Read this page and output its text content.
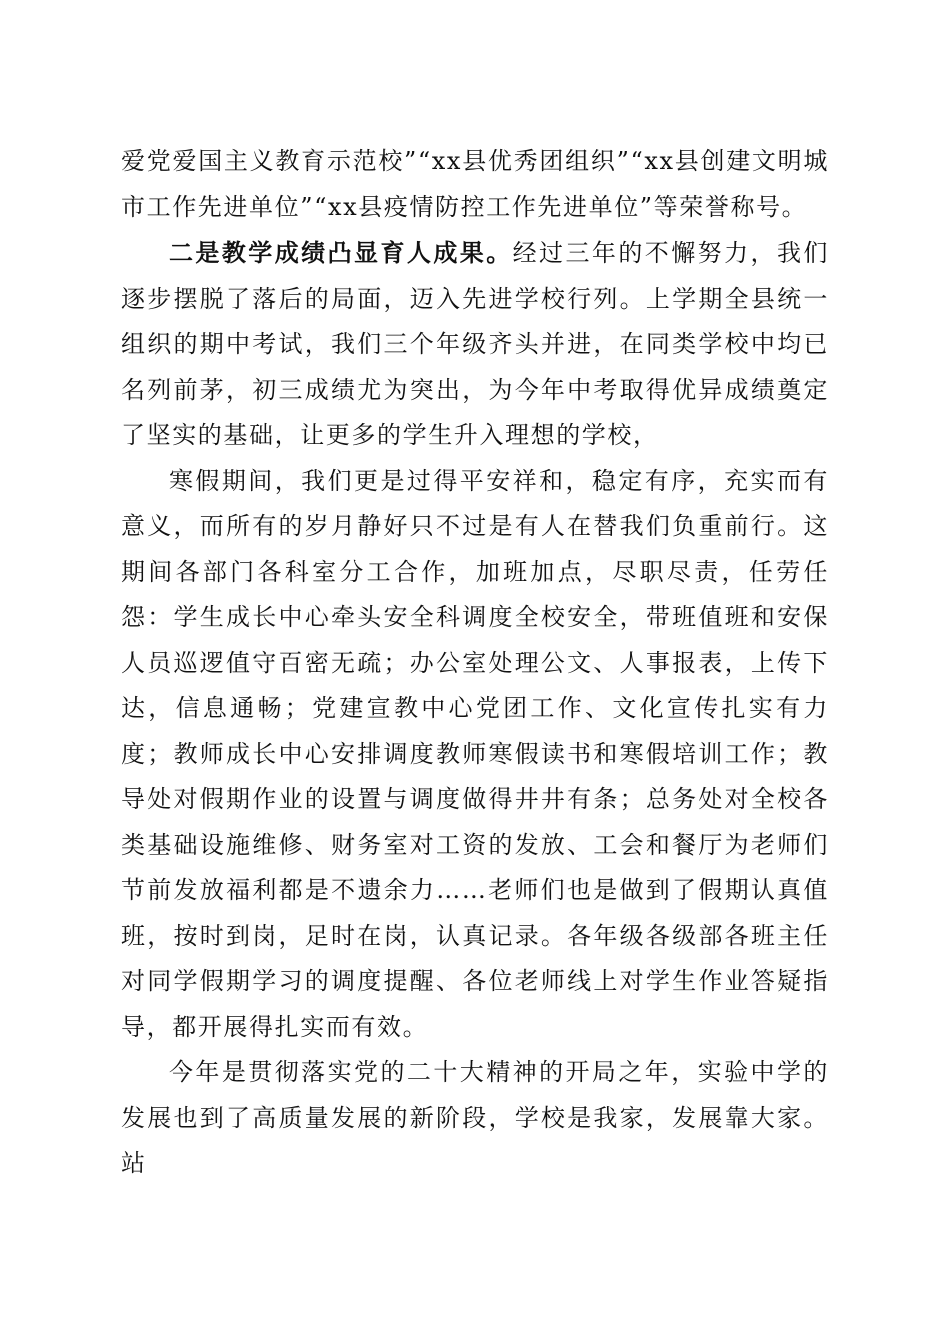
爱党爱国主义教育示范校”“xx县优秀团组织”“xx县创建文明城市工作先进单位”“xx县疫情防控工作先进单位”等荣誉称号。

二是教学成绩凸显育人成果。经过三年的不懈努力，我们逐步摆脱了落后的局面，迈入先进学校行列。上学期全县统一组织的期中考试，我们三个年级齐头并进，在同类学校中均已名列前茅，初三成绩尤为突出，为今年中考取得优异成绩奠定了坚实的基础，让更多的学生升入理想的学校，

寒假期间，我们更是过得平安祥和，稳定有序，充实而有意义，而所有的岁月静好只不过是有人在替我们负重前行。这期间各部门各科室分工合作，加班加点，尽职尽责，任劳任怨：学生成长中心牵头安全科调度全校安全，带班值班和安保人员巡逻值守百密无疏；办公室处理公文、人事报表，上传下达，信息通畅；党建宣教中心党团工作、文化宣传扎实有力度；教师成长中心安排调度教师寒假读书和寒假培训工作；教导处对假期作业的设置与调度做得井井有条；总务处对全校各类基础设施维修、财务室对工资的发放、工会和餐厅为老师们节前发放福利都是不遗余力……老师们也是做到了假期认真值班，按时到岗，足时在岗，认真记录。各年级各级部各班主任对同学假期学习的调度提醒、各位老师线上对学生作业答疑指导，都开展得扎实而有效。

今年是贯彻落实党的二十大精神的开局之年，实验中学的发展也到了高质量发展的新阶段，学校是我家，发展靠大家。站
